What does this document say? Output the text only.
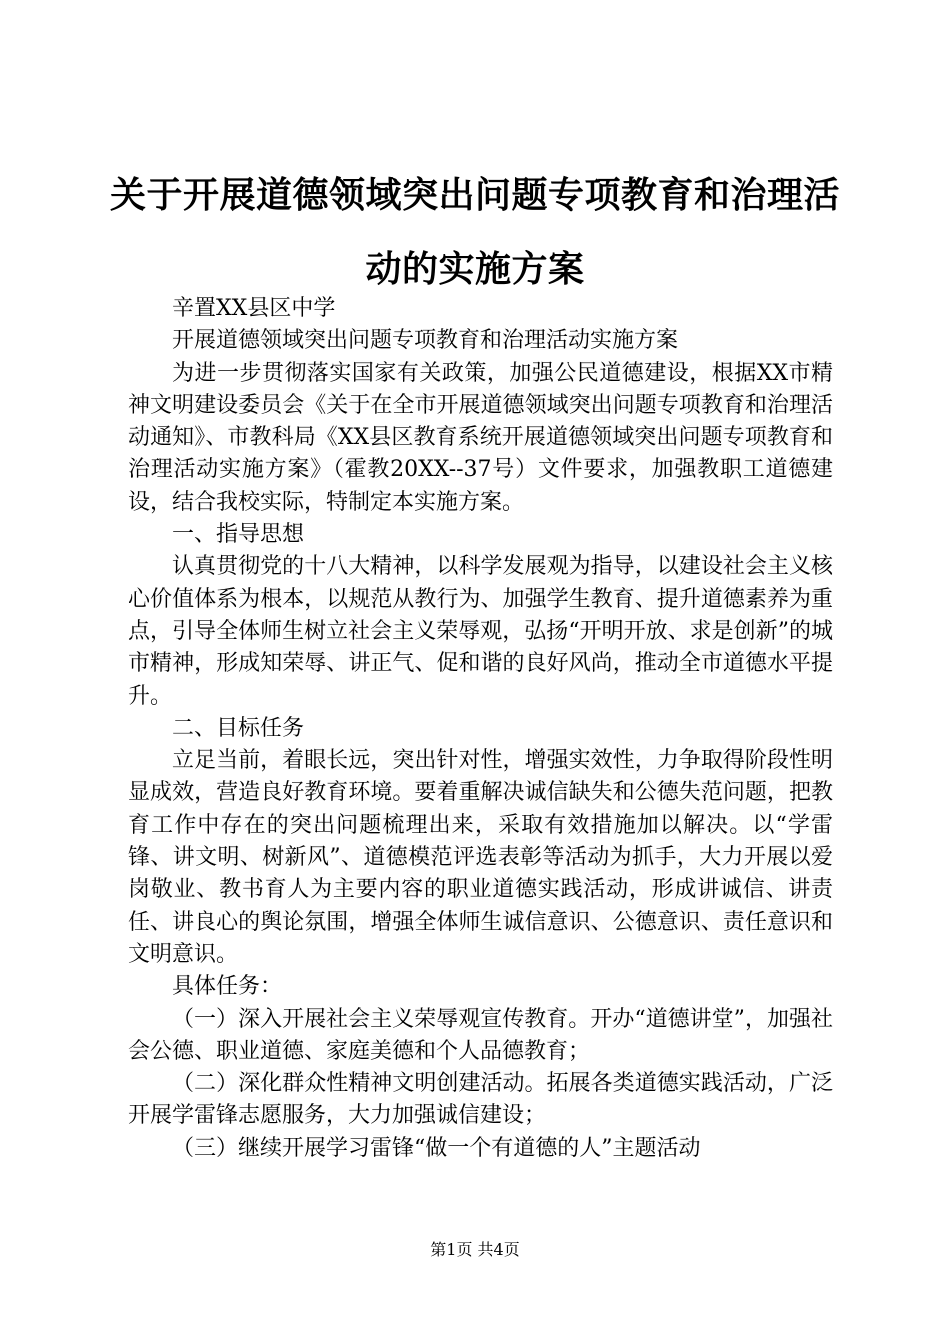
关于开展道德领域突出问题专项教育和治理活动的实施方案

辛置XX县区中学

开展道德领域突出问题专项教育和治理活动实施方案

为进一步贯彻落实国家有关政策，加强公民道德建设，根据XX市精神文明建设委员会《关于在全市开展道德领域突出问题专项教育和治理活动通知》、市教科局《XX县区教育系统开展道德领域突出问题专项教育和治理活动实施方案》（霍教20XX--37号）文件要求，加强教职工道德建设，结合我校实际，特制定本实施方案。

一、指导思想

认真贯彻党的十八大精神，以科学发展观为指导，以建设社会主义核心价值体系为根本，以规范从教行为、加强学生教育、提升道德素养为重点，引导全体师生树立社会主义荣辱观，弘扬“开明开放、求是创新”的城市精神，形成知荣辱、讲正气、促和谐的良好风尚，推动全市道德水平提升。

二、目标任务

立足当前，着眼长远，突出针对性，增强实效性，力争取得阶段性明显成效，营造良好教育环境。要着重解决诚信缺失和公德失范问题，把教育工作中存在的突出问题梳理出来，采取有效措施加以解决。以“学雷锋、讲文明、树新风”、道德模范评选表彰等活动为抓手，大力开展以爱岗敬业、教书育人为主要内容的职业道德实践活动，形成讲诚信、讲责任、讲良心的舆论氛围，增强全体师生诚信意识、公德意识、责任意识和文明意识。

具体任务：

（一）深入开展社会主义荣辱观宣传教育。开办“道德讲堂”，加强社会公德、职业道德、家庭美德和个人品德教育；

（二）深化群众性精神文明创建活动。拓展各类道德实践活动，广泛开展学雷锋志愿服务，大力加强诚信建设；

（三）继续开展学习雷锋“做一个有道德的人”主题活动

第1页 共4页
